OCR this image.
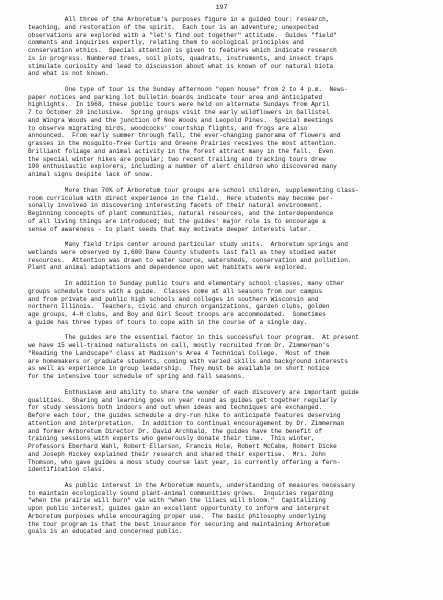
197
All three of the Arboretum's purposes figure in a guided tour: research,
teaching, and restoration of the spirit.  Each tour is an adventure; unexpected
observations are explored with a "let's find out together" attitude.  Guides "field"
comments and inquiries expertly, relating them to ecological principles and
conservation ethics.  Special attention is given to features which indicate research
is in progress. Numbered trees, soil plots, quadrats, instruments, and insect traps
stimulate curiosity and lead to discussion about what is known of our natural biota
and what is not known.
One type of tour is the Sunday afternoon "open house" from 2 to 4 p.m.  News-
paper notices and parking lot bulletin boards indicate tour area and anticipated
highlights.  In 1968, these public tours were held on alternate Sundays from April
7 to October 20 inclusive.  Spring groups visit the early wildflowers in Gallistel
and Wingra Woods and the junction of Noe Woods and Leopold Pines.  Special meetings
to observe migrating birds, woodcocks' courtship flights, and frogs are also
announced.  From early summer through fall, the ever-changing panorama of flowers and
grasses in the mosquito-free Curtis and Greene Prairies receives the most attention.
Brilliant foliage and animal activity in the forest attract many in the fall.  Even
the special winter hikes are popular; two recent trailing and tracking tours drew
190 enthusiastic explorers, including a number of alert children who discovered many
animal signs despite lack of snow.
More than 70% of Arboretum tour groups are school children, supplementing class-
room curriculum with direct experience in the field.  Here students may become per-
sonally involved in discovering interesting facets of their natural environment.
Beginning concepts of plant communities, natural resources, and the interdependence
of all living things are introduced; but the guides' major role is to encourage a
sense of awareness - to plant seeds that may motivate deeper interests later.
Many field trips center around particular study units.  Arboretum springs and
wetlands were observed by 1,600 Dane County students last fall as they studied water
resources.  Attention was drawn to water source, watersheds, conservation and pollution.
Plant and animal adaptations and dependence upon wet habitats were explored.
In addition to Sunday public tours and elementary school classes, many other
groups schedule tours with a guide.  Classes come at all seasons from our campus
and from private and public high schools and colleges in southern Wisconsin and
northern Illinois.  Teachers, civic and church organizations, garden clubs, golden
age groups, 4-H clubs, and Boy and Girl Scout troops are accommodated.  Sometimes
a guide has three types of tours to cope with in the course of a single day.
The guides are the essential factor in this successful tour program.  At present
we have 15 well-trained naturalists on call, mostly recruited from Dr. Zimmerman's
"Reading the Landscape" class at Madison's Area 4 Technical College.  Most of them
are homemakers or graduate students, coming with varied skills and background interests
as well as experience in group leadership.  They must be available on short notice
for the intensive tour schedule of spring and fall seasons.
Enthusiasm and ability to share the wonder of each discovery are important guide
qualities.  Sharing and learning goes on year round as guides get together regularly
for study sessions both indoors and out when ideas and techniques are exchanged.
Before each tour, the guides schedule a dry-run hike to anticipate features deserving
attention and interpretation.  In addition to continual encouragement by Dr. Zimmerman
and former Arboretum Director Dr. David Archbald, the guides have the benefit of
training sessions with experts who generously donate their time.  This winter,
Professors Eberhard Wahl, Robert Ellarson, Francis Hole, Robert McCabe, Robert Dicke
and Joseph Hickey explained their research and shared their expertise.  Mrs. John
Thomson, who gave guides a moss study course last year, is currently offering a fern-
identification class.
As public interest in the Arboretum mounts, understanding of measures necessary
to maintain ecologically sound plant-animal communities grows.  Inquiries regarding
"when the prairie will burn" vie with "when the lilacs will bloom."  Capitalizing
upon public interest, guides gain an excellent opportunity to inform and interpret
Arboretum purposes while encouraging proper use.  The basic philosophy underlying
the tour program is that the best insurance for securing and maintaining Arboretum
goals is an educated and concerned public.
